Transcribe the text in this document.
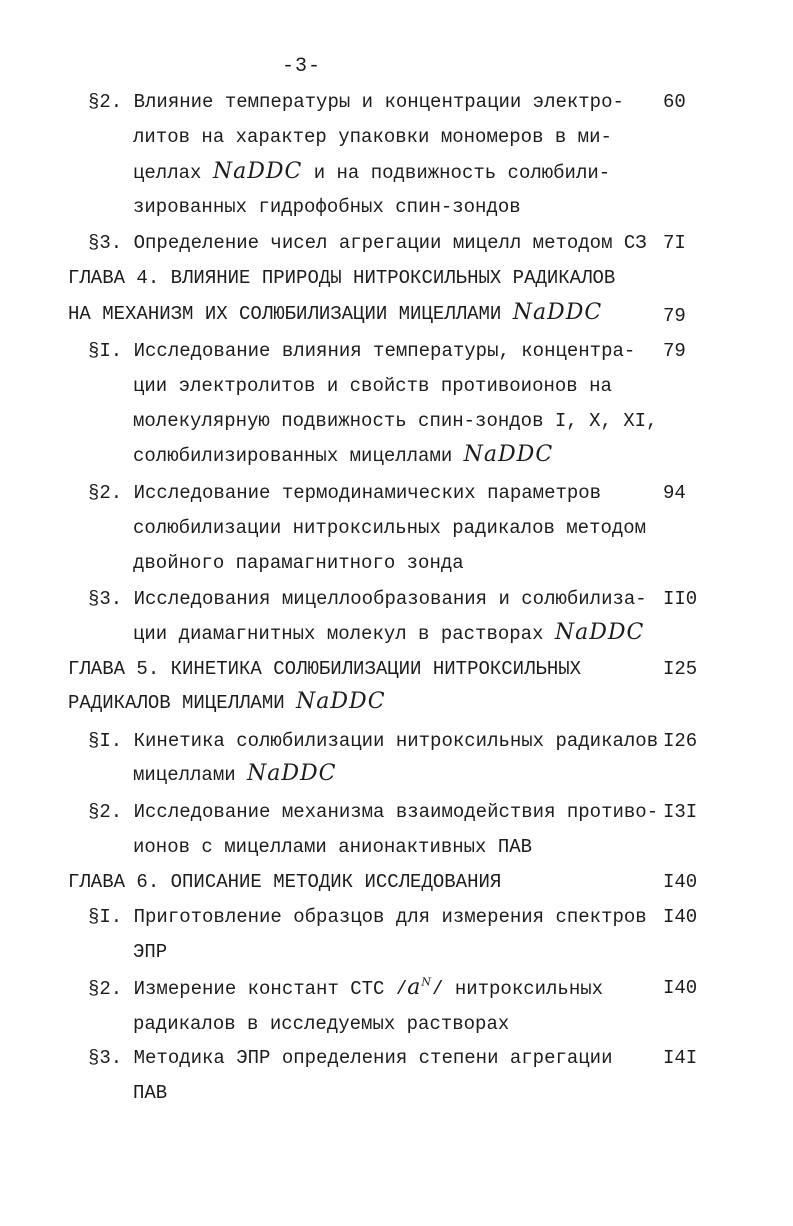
-3-
§2. Влияние температуры и концентрации электро-
литов на характер упаковки мономеров в ми-
целлах NaDDC и на подвижность солюбили-
зированных гидрофобных спин-зондов
60
§3. Определение чисел агрегации мицелл методом СЗ 7I
ГЛАВА 4. ВЛИЯНИЕ ПРИРОДЫ НИТРОКСИЛЬНЫХ РАДИКАЛОВ
НА МЕХАНИЗМ ИХ СОЛЮБИЛИЗАЦИИ МИЦЕЛЛАМИ NaDDC	79
§I. Исследование влияния температуры, концентра-
ции электролитов и свойств противоионов на
молекулярную подвижность спин-зондов I, X, XI,
солюбилизированных мицеллами NaDDC
79
§2. Исследование термодинамических параметров
солюбилизации нитроксильных радикалов методом
двойного парамагнитного зонда
94
§3. Исследования мицеллообразования и солюбилиза-
ции диамагнитных молекул в растворах NaDDC
II0
ГЛАВА 5. КИНЕТИКА СОЛЮБИЛИЗАЦИИ НИТРОКСИЛЬНЫХ
РАДИКАЛОВ МИЦЕЛЛАМИ NaDDC
I25
§I. Кинетика солюбилизации нитроксильных радикалов
мицеллами NaDDC
I26
§2. Исследование механизма взаимодействия противо-
ионов с мицеллами анионактивных ПАВ
I3I
ГЛАВА 6. ОПИСАНИЕ МЕТОДИК ИССЛЕДОВАНИЯ	I40
§I. Приготовление образцов для измерения спектров
ЭПР
I40
§2. Измерение констант СТС $/a^N/$ нитроксильных
радикалов в исследуемых растворах
I40
§3. Методика ЭПР определения степени агрегации
ПАВ
I4I
